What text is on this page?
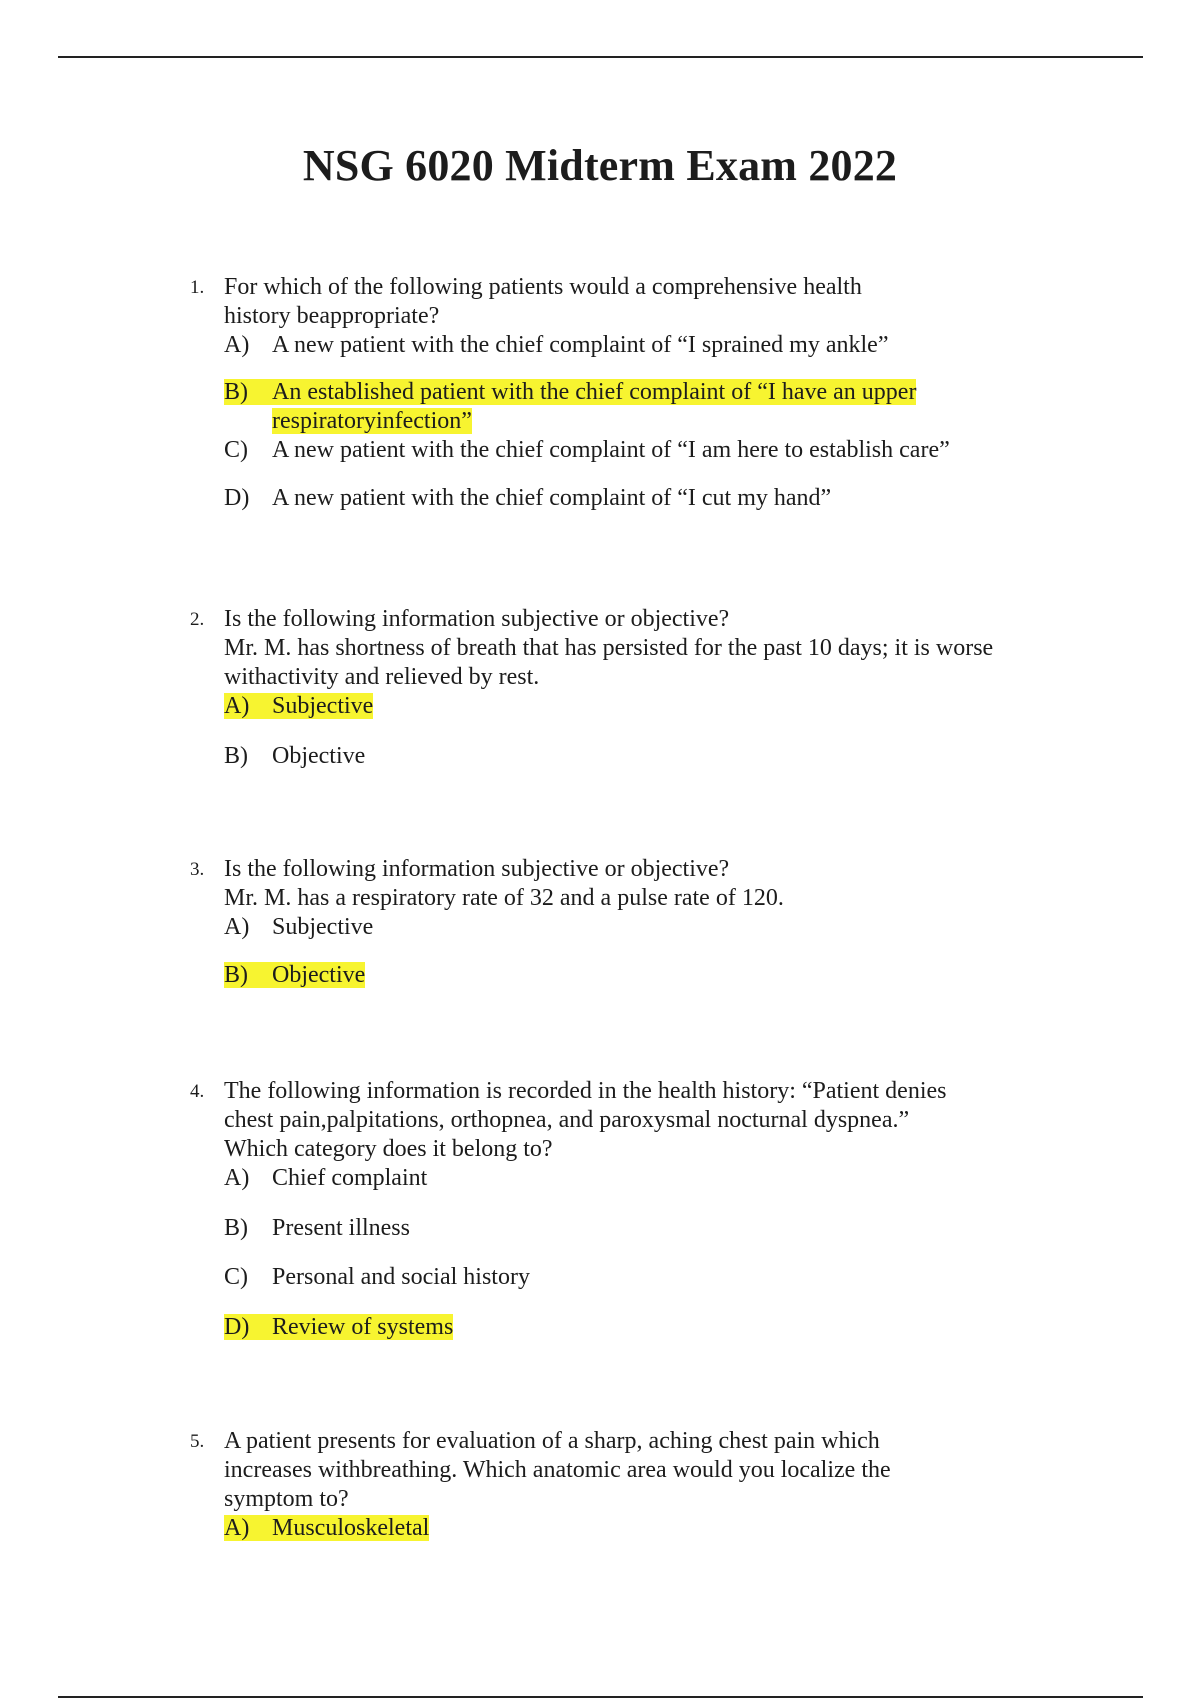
NSG 6020 Midterm Exam 2022
1. For which of the following patients would a comprehensive health
history beappropriate?
A) A new patient with the chief complaint of “I sprained my ankle”
B) An established patient with the chief complaint of “I have an upper
respiratoryinfection”
C) A new patient with the chief complaint of “I am here to establish care”
D) A new patient with the chief complaint of “I cut my hand”
2. Is the following information subjective or objective?
Mr. M. has shortness of breath that has persisted for the past 10 days; it is worse
withactivity and relieved by rest.
A) Subjective
B) Objective
3. Is the following information subjective or objective?
Mr. M. has a respiratory rate of 32 and a pulse rate of 120.
A) Subjective
B) Objective
4. The following information is recorded in the health history: “Patient denies
chest pain,palpitations, orthopnea, and paroxysmal nocturnal dyspnea.”
Which category does it belong to?
A) Chief complaint
B) Present illness
C) Personal and social history
D) Review of systems
5. A patient presents for evaluation of a sharp, aching chest pain which
increases withbreathing. Which anatomic area would you localize the
symptom to?
A) Musculoskeletal
